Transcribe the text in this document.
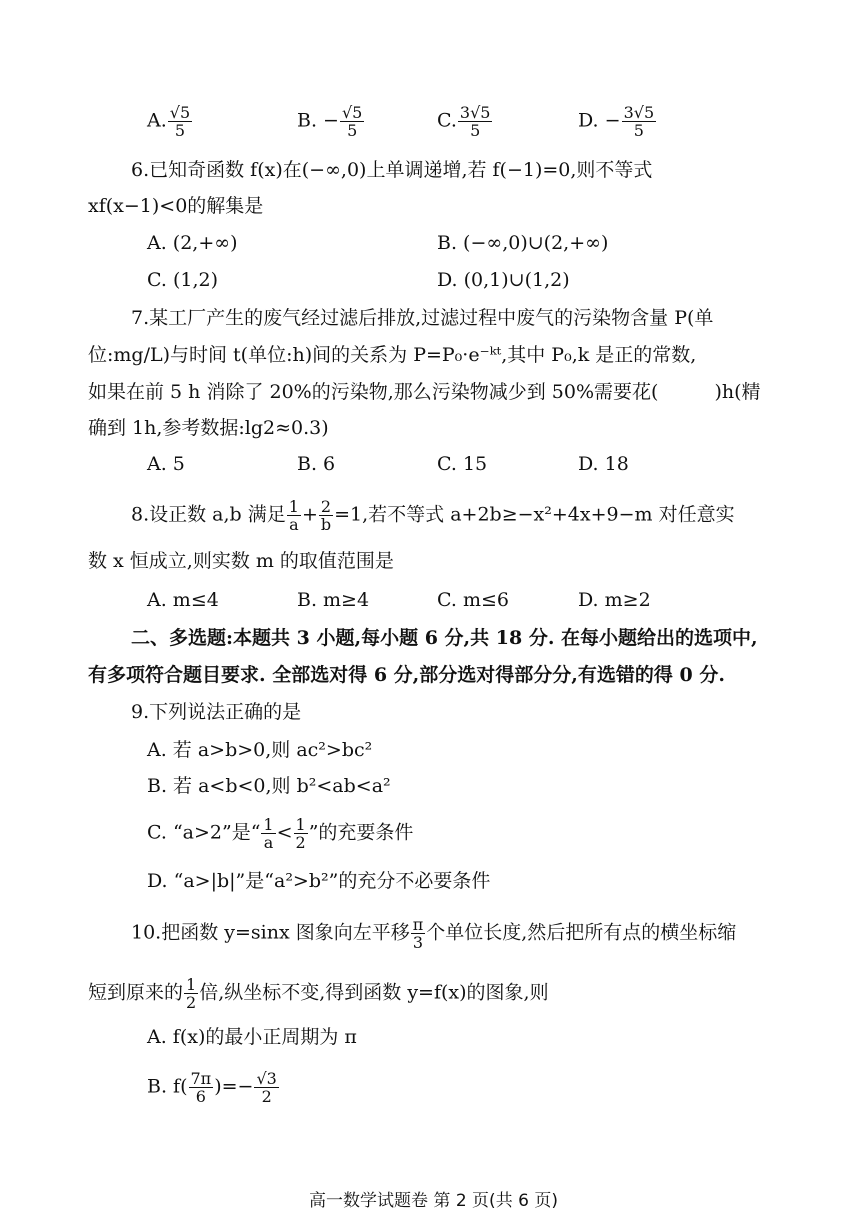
A. $\frac{√5}{5}$	B. − $\frac{√5}{5}$	C. $\frac{3√5}{5}$	D. − $\frac{3√5}{5}$
6.已知奇函数 f(x)在(−∞,0)上单调递增,若 f(−1)=0,则不等式
xf(x−1)<0的解集是
A. (2,+∞)	B. (−∞,0)∪(2,+∞)
C. (1,2)	D. (0,1)∪(1,2)
7.某工厂产生的废气经过滤后排放,过滤过程中废气的污染物含量 P(单
位:mg/L)与时间 t(单位:h)间的关系为 P=P₀·e⁻ᵏᵗ,其中 P₀,k 是正的常数,
如果在前 5 h 消除了 20%的污染物,那么污染物减少到 50%需要花(	)h(精
确到 1h,参考数据:lg2≈0.3)
A. 5	B. 6	C. 15	D. 18
8.设正数 a,b 满足 $\frac{1}{a} + \frac{2}{b} =1$,若不等式 a+2b≥−x²+4x+9−m 对任意实
数 x 恒成立,则实数 m 的取值范围是
A. m≤4	B. m≥4	C. m≤6	D. m≥2
二、多选题:本题共 3 小题,每小题 6 分,共 18 分. 在每小题给出的选项中,
有多项符合题目要求. 全部选对得 6 分,部分选对得部分分,有选错的得 0 分.
9.下列说法正确的是
A. 若 a>b>0,则 ac²>bc²
B. 若 a<b<0,则 b²<ab<a²
C. “a>2”是“ $\frac{1}{a} < \frac{1}{2}$ ”的充要条件
D. “a>|b|”是“a²>b²”的充分不必要条件
10.把函数 y=sinx 图象向左平移 $\frac{\pi}{3}$ 个单位长度,然后把所有点的横坐标缩
短到原来的 $\frac{1}{2}$ 倍,纵坐标不变,得到函数 y=f(x)的图象,则
A. f(x)的最小正周期为 π
B. $f( \frac{7\pi}{6}$ )=− $\frac{√3}{2}$
高一数学试题卷 第 2 页(共 6 页)
